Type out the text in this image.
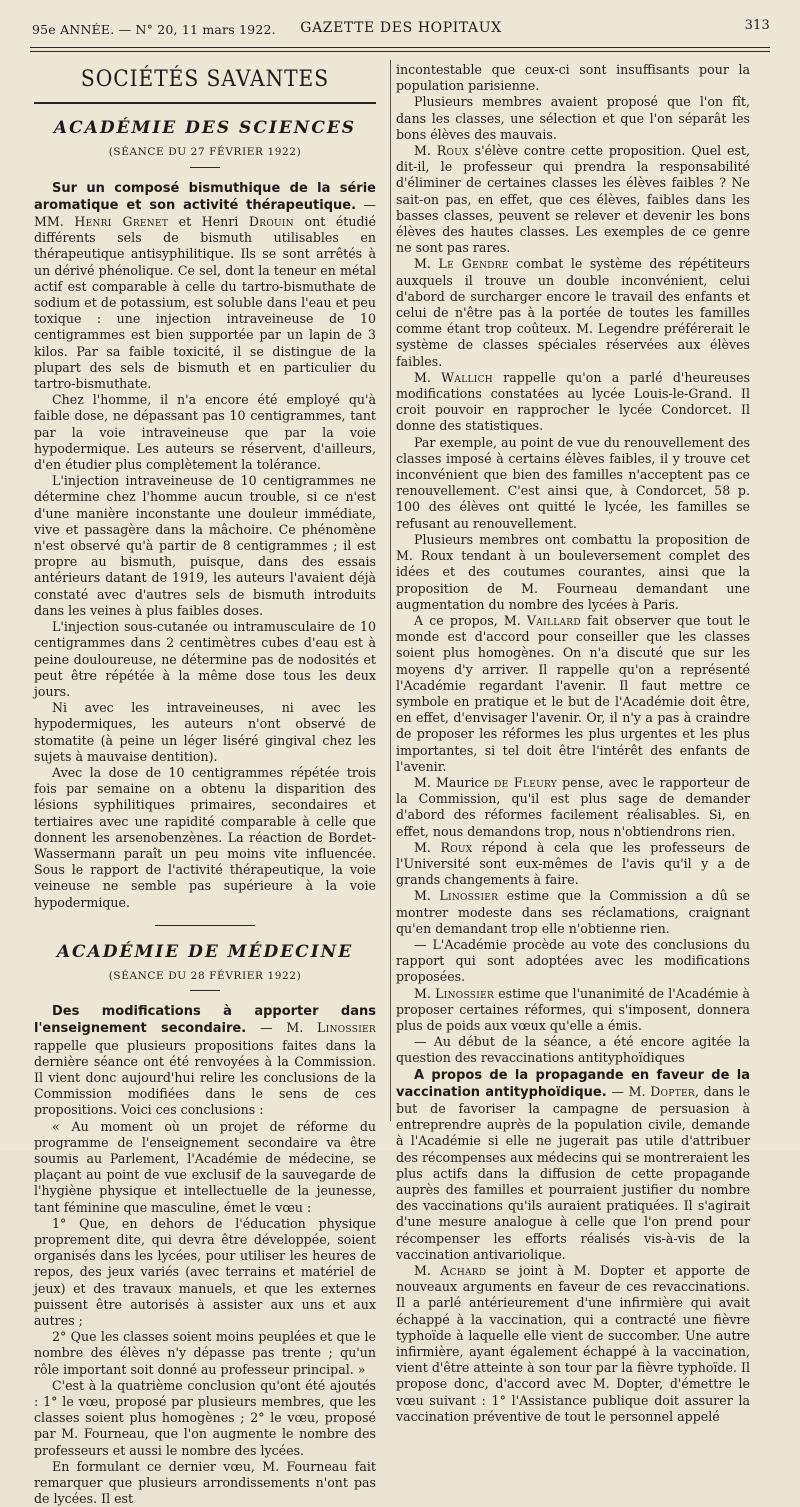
95e ANNÉE. — N° 20, 11 mars 1922.	GAZETTE DES HOPITAUX	313
SOCIÉTÉS SAVANTES
ACADÉMIE DES SCIENCES
(SÉANCE DU 27 FÉVRIER 1922)

Sur un composé bismuthique de la série aromatique et son activité thérapeutique. — MM. Henri Grenet et Henri Drouin ont étudié différents sels de bismuth utilisables en thérapeutique antisyphilitique. Ils se sont arrêtés à un dérivé phénolique. Ce sel, dont la teneur en métal actif est comparable à celle du tartro-bismuthate de sodium et de potassium, est soluble dans l'eau et peu toxique : une injection intraveineuse de 10 centigrammes est bien supportée par un lapin de 3 kilos. Par sa faible toxicité, il se distingue de la plupart des sels de bismuth et en particulier du tartro-bismuthate.

Chez l'homme, il n'a encore été employé qu'à faible dose, ne dépassant pas 10 centigrammes, tant par la voie intraveineuse que par la voie hypodermique. Les auteurs se réservent, d'ailleurs, d'en étudier plus complètement la tolérance.

L'injection intraveineuse de 10 centigrammes ne détermine chez l'homme aucun trouble, si ce n'est d'une manière inconstante une douleur immédiate, vive et passagère dans la mâchoire. Ce phénomène n'est observé qu'à partir de 8 centigrammes ; il est propre au bismuth, puisque, dans des essais antérieurs datant de 1919, les auteurs l'avaient déjà constaté avec d'autres sels de bismuth introduits dans les veines à plus faibles doses.

L'injection sous-cutanée ou intramusculaire de 10 centigrammes dans 2 centimètres cubes d'eau est à peine douloureuse, ne détermine pas de nodosités et peut être répétée à la même dose tous les deux jours.

Ni avec les intraveineuses, ni avec les hypodermiques, les auteurs n'ont observé de stomatite (à peine un léger liséré gingival chez les sujets à mauvaise dentition).

Avec la dose de 10 centigrammes répétée trois fois par semaine on a obtenu la disparition des lésions syphilitiques primaires, secondaires et tertiaires avec une rapidité comparable à celle que donnent les arsenobenzènes. La réaction de Bordet-Wassermann paraît un peu moins vite influencée. Sous le rapport de l'activité thérapeutique, la voie veineuse ne semble pas supérieure à la voie hypodermique.

ACADÉMIE DE MÉDECINE
(SÉANCE DU 28 FÉVRIER 1922)

Des modifications à apporter dans l'enseignement secondaire. — M. Linossier rappelle que plusieurs propositions faites dans la dernière séance ont été renvoyées à la Commission. Il vient donc aujourd'hui relire les conclusions de la Commission modifiées dans le sens de ces propositions. Voici ces conclusions :

« Au moment où un projet de réforme du programme de l'enseignement secondaire va être soumis au Parlement, l'Académie de médecine, se plaçant au point de vue exclusif de la sauvegarde de l'hygiène physique et intellectuelle de la jeunesse, tant féminine que masculine, émet le vœu :

1° Que, en dehors de l'éducation physique proprement dite, qui devra être développée, soient organisés dans les lycées, pour utiliser les heures de repos, des jeux variés (avec terrains et matériel de jeux) et des travaux manuels, et que les externes puissent être autorisés à assister aux uns et aux autres ;

2° Que les classes soient moins peuplées et que le nombre des élèves n'y dépasse pas trente ; qu'un rôle important soit donné au professeur principal. »

C'est à la quatrième conclusion qu'ont été ajoutés : 1° le vœu, proposé par plusieurs membres, que les classes soient plus homogènes ; 2° le vœu, proposé par M. Fourneau, que l'on augmente le nombre des professeurs et aussi le nombre des lycées.

En formulant ce dernier vœu, M. Fourneau fait remarquer que plusieurs arrondissements n'ont pas de lycées. Il est

incontestable que ceux-ci sont insuffisants pour la population parisienne.

Plusieurs membres avaient proposé que l'on fît, dans les classes, une sélection et que l'on séparât les bons élèves des mauvais.

M. Roux s'élève contre cette proposition. Quel est, dit-il, le professeur qui prendra la responsabilité d'éliminer de certaines classes les élèves faibles ? Ne sait-on pas, en effet, que ces élèves, faibles dans les basses classes, peuvent se relever et devenir les bons élèves des hautes classes. Les exemples de ce genre ne sont pas rares.

M. Le Gendre combat le système des répétiteurs auxquels il trouve un double inconvénient, celui d'abord de surcharger encore le travail des enfants et celui de n'être pas à la portée de toutes les familles comme étant trop coûteux. M. Legendre préférerait le système de classes spéciales réservées aux élèves faibles.

M. Wallich rappelle qu'on a parlé d'heureuses modifications constatées au lycée Louis-le-Grand. Il croit pouvoir en rapprocher le lycée Condorcet. Il donne des statistiques.

Par exemple, au point de vue du renouvellement des classes imposé à certains élèves faibles, il y trouve cet inconvénient que bien des familles n'acceptent pas ce renouvellement. C'est ainsi que, à Condorcet, 58 p. 100 des élèves ont quitté le lycée, les familles se refusant au renouvellement.

Plusieurs membres ont combattu la proposition de M. Roux tendant à un bouleversement complet des idées et des coutumes courantes, ainsi que la proposition de M. Fourneau demandant une augmentation du nombre des lycées à Paris.

A ce propos, M. Vaillard fait observer que tout le monde est d'accord pour conseiller que les classes soient plus homogènes. On n'a discuté que sur les moyens d'y arriver. Il rappelle qu'on a représenté l'Académie regardant l'avenir. Il faut mettre ce symbole en pratique et le but de l'Académie doit être, en effet, d'envisager l'avenir. Or, il n'y a pas à craindre de proposer les réformes les plus urgentes et les plus importantes, si tel doit être l'intérêt des enfants de l'avenir.

M. Maurice de Fleury pense, avec le rapporteur de la Commission, qu'il est plus sage de demander d'abord des réformes facilement réalisables. Si, en effet, nous demandons trop, nous n'obtiendrons rien.

M. Roux répond à cela que les professeurs de l'Université sont eux-mêmes de l'avis qu'il y a de grands changements à faire.

M. Linossier estime que la Commission a dû se montrer modeste dans ses réclamations, craignant qu'en demandant trop elle n'obtienne rien.

— L'Académie procède au vote des conclusions du rapport qui sont adoptées avec les modifications proposées.

M. Linossier estime que l'unanimité de l'Académie à proposer certaines réformes, qui s'imposent, donnera plus de poids aux vœux qu'elle a émis.

— Au début de la séance, a été encore agitée la question des revaccinations antityphoïdiques

A propos de la propagande en faveur de la vaccination antityphoïdique. — M. Dopter, dans le but de favoriser la campagne de persuasion à entreprendre auprès de la population civile, demande à l'Académie si elle ne jugerait pas utile d'attribuer des récompenses aux médecins qui se montreraient les plus actifs dans la diffusion de cette propagande auprès des familles et pourraient justifier du nombre des vaccinations qu'ils auraient pratiquées. Il s'agirait d'une mesure analogue à celle que l'on prend pour récompenser les efforts réalisés vis-à-vis de la vaccination antivariolique.

M. Achard se joint à M. Dopter et apporte de nouveaux arguments en faveur de ces revaccinations. Il a parlé antérieurement d'une infirmière qui avait échappé à la vaccination, qui a contracté une fièvre typhoïde à laquelle elle vient de succomber. Une autre infirmière, ayant également échappé à la vaccination, vient d'être atteinte à son tour par la fièvre typhoïde. Il propose donc, d'accord avec M. Dopter, d'émettre le vœu suivant : 1° l'Assistance publique doit assurer la vaccination préventive de tout le personnel appelé
